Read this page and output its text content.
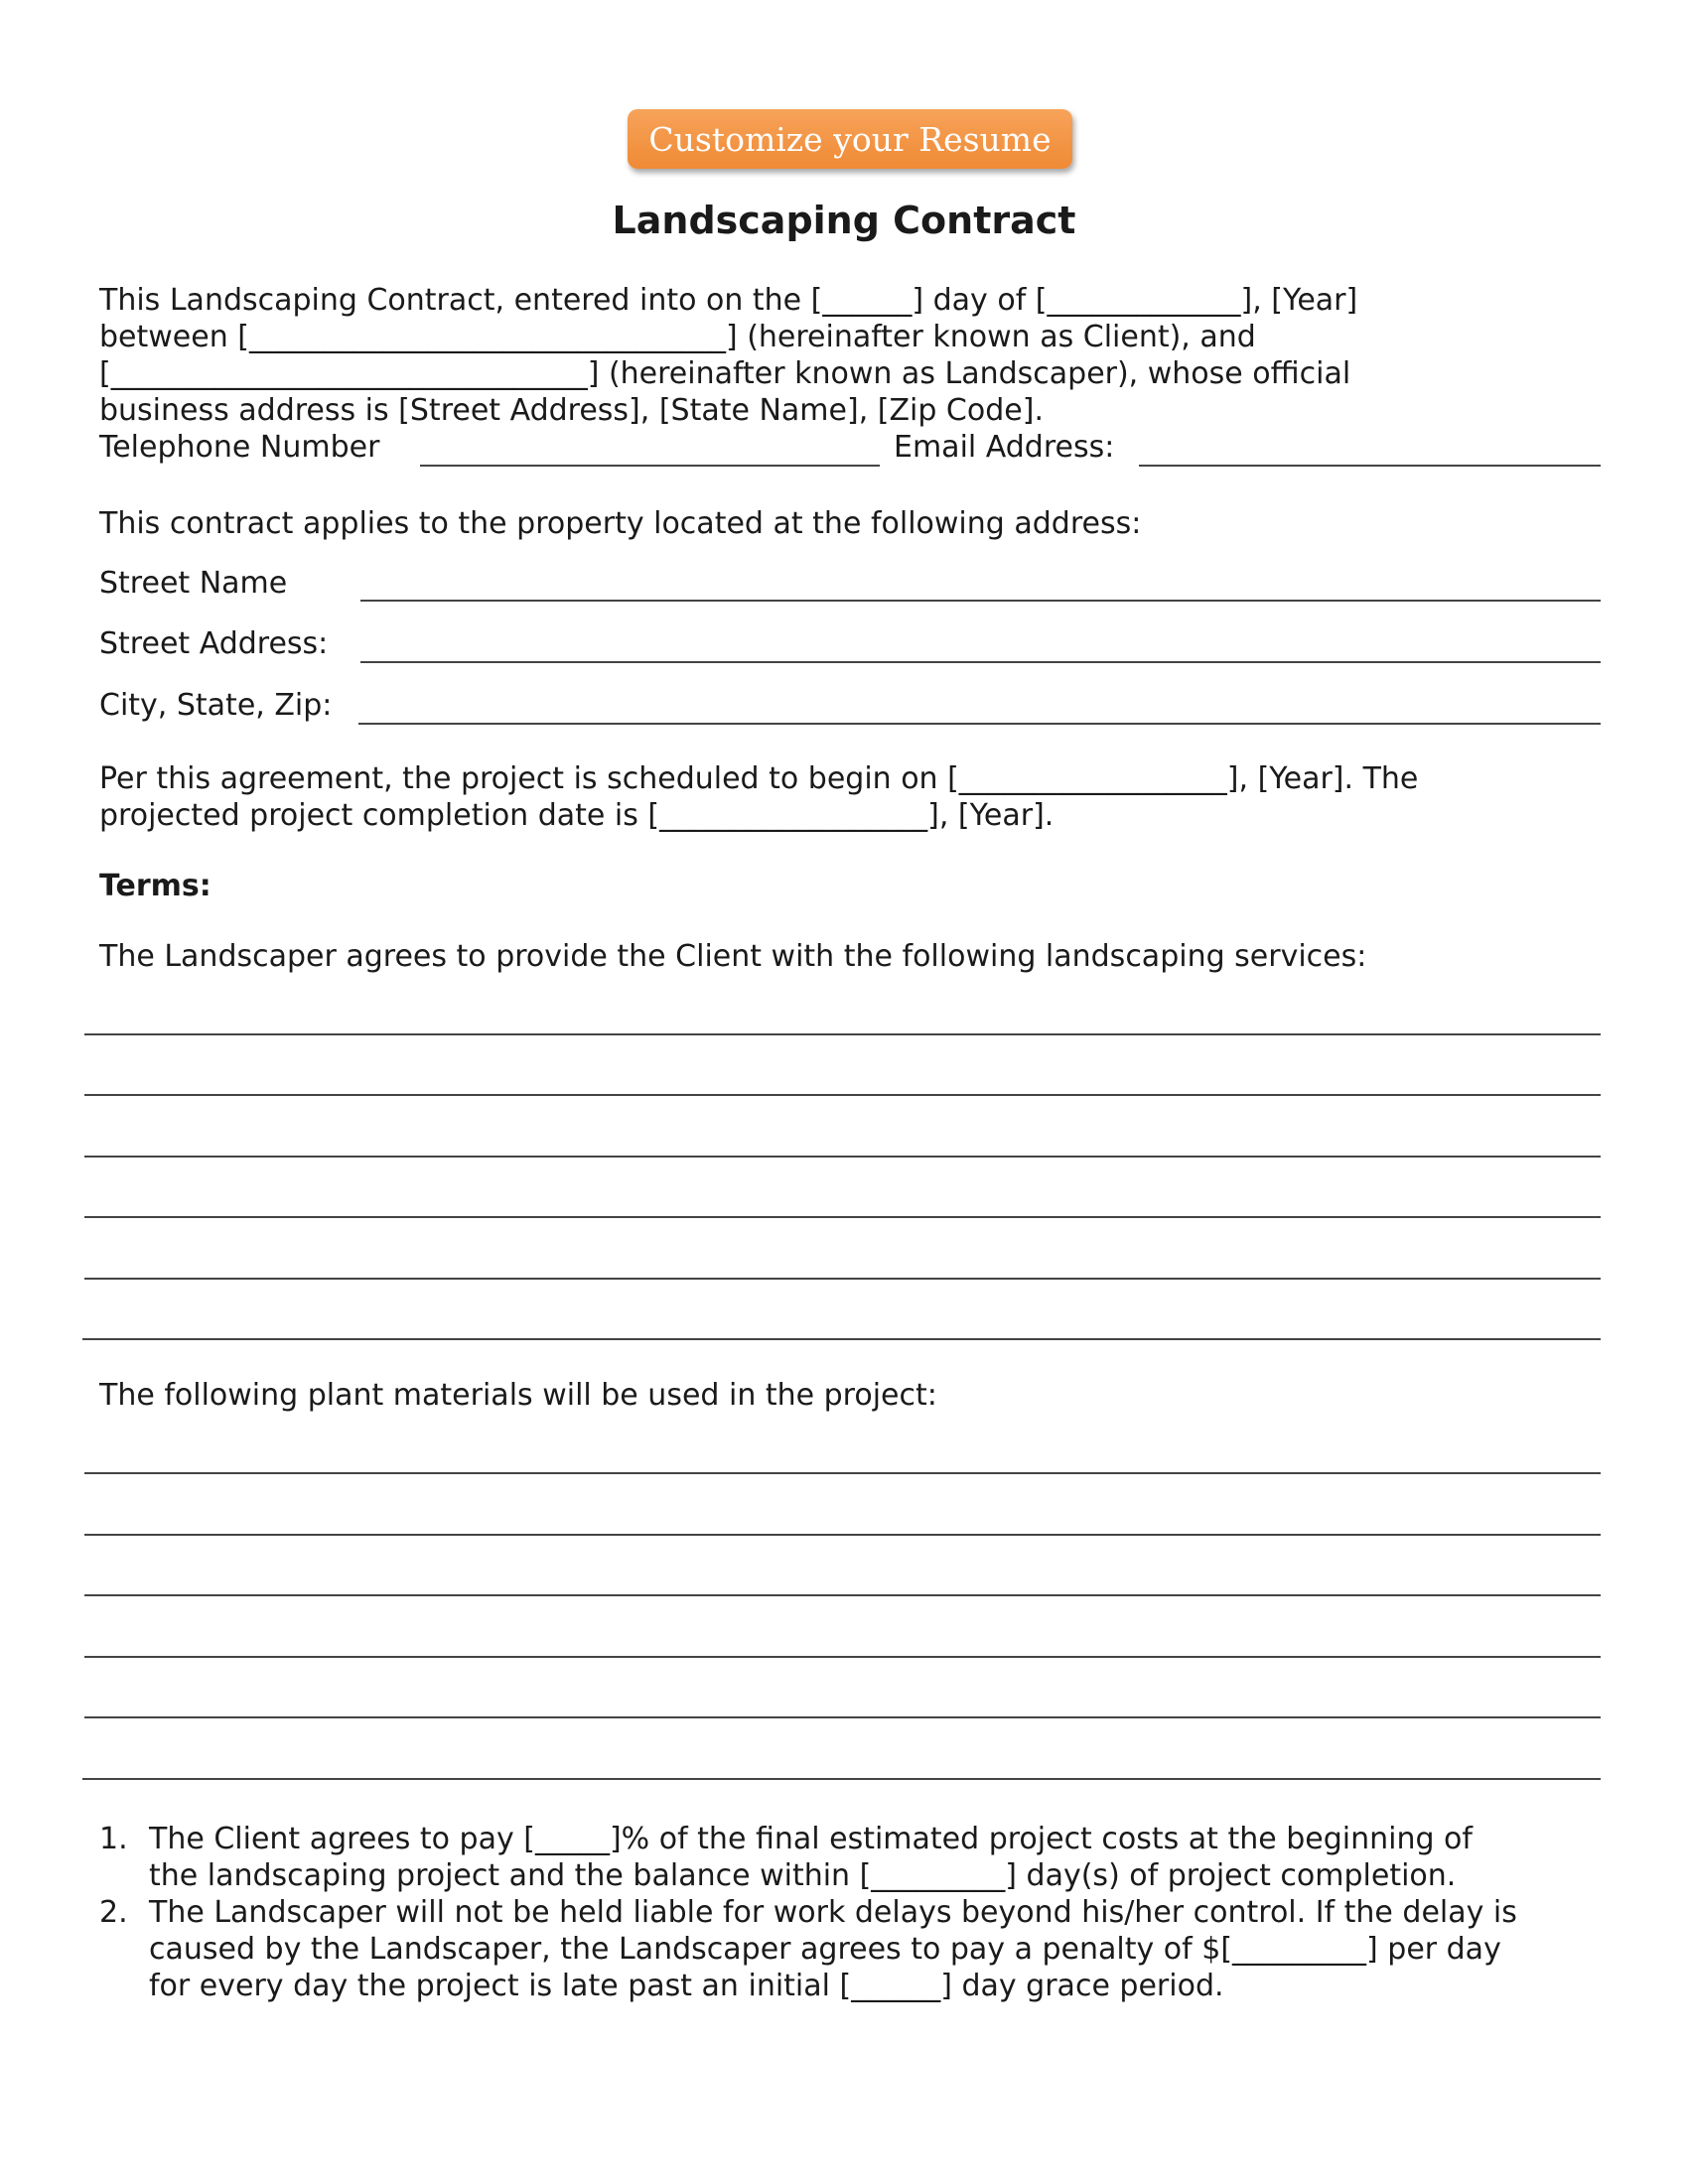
Customize your Resume
Landscaping Contract
This Landscaping Contract, entered into on the [______] day of [_____________], [Year]
between [________________________________] (hereinafter known as Client), and
[________________________________] (hereinafter known as Landscaper), whose official
business address is [Street Address], [State Name], [Zip Code].
Telephone Number	Email Address:
This contract applies to the property located at the following address:
Street Name
Street Address:
City, State, Zip:
Per this agreement, the project is scheduled to begin on [__________________], [Year]. The
projected project completion date is [__________________], [Year].
Terms:
The Landscaper agrees to provide the Client with the following landscaping services:
The following plant materials will be used in the project:
1. The Client agrees to pay [_____]% of the final estimated project costs at the beginning of
the landscaping project and the balance within [_________] day(s) of project completion.
2. The Landscaper will not be held liable for work delays beyond his/her control. If the delay is
caused by the Landscaper, the Landscaper agrees to pay a penalty of $[_________] per day
for every day the project is late past an initial [______] day grace period.
